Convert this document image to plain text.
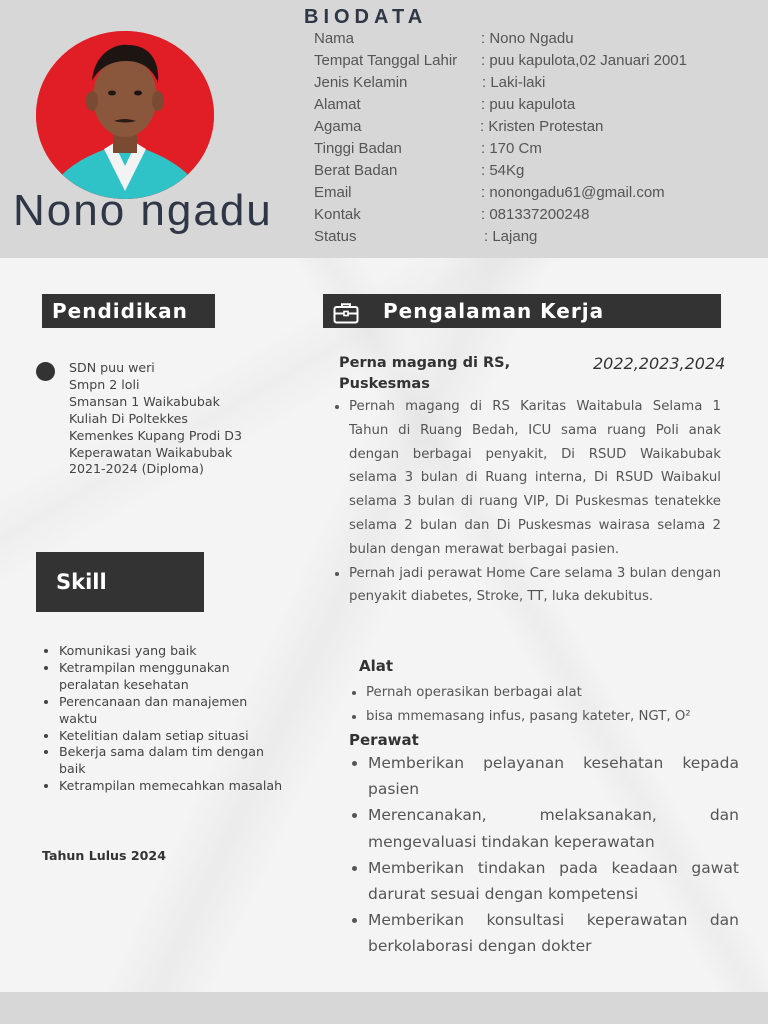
Nono ngadu
BIODATA
Nama	: Nono Ngadu
Tempat Tanggal Lahir : puu kapulota,02 Januari 2001
Jenis Kelamin	: Laki-laki
Alamat	: puu kapulota
Agama	: Kristen Protestan
Tinggi Badan	: 170 Cm
Berat Badan	: 54Kg
Email	: nonongadu61@gmail.com
Kontak	: 081337200248
Status	: Lajang
Pendidikan
SDN puu weri
Smpn 2 loli
Smansan 1 Waikabubak
Kuliah Di Poltekkes
Kemenkes Kupang Prodi D3
Keperawatan Waikabubak
2021-2024 (Diploma)
Skill
• Komunikasi yang baik
• Ketrampilan menggunakan peralatan kesehatan
• Perencanaan dan manajemen waktu
• Ketelitian dalam setiap situasi
• Bekerja sama dalam tim dengan baik
• Ketrampilan memecahkan masalah

Tahun Lulus 2024

Pengalaman Kerja

Perna magang di RS, Puskesmas

2022,2023,2024

• Pernah magang di RS Karitas Waitabula Selama 1 Tahun di Ruang Bedah, ICU sama ruang Poli anak dengan berbagai penyakit, Di RSUD Waikabubak selama 3 bulan di Ruang interna, Di RSUD Waibakul selama 3 bulan di ruang VIP, Di Puskesmas tenatekke selama 2 bulan dan Di Puskesmas wairasa selama 2 bulan dengan merawat berbagai pasien.
• Pernah jadi perawat Home Care selama 3 bulan dengan penyakit diabetes, Stroke, TT, luka dekubitus.

Alat

• Pernah operasikan berbagai alat
• bisa mmemasang infus, pasang kateter, NGT, O²

Perawat

• Memberikan pelayanan kesehatan kepada pasien
• Merencanakan, melaksanakan, dan mengevaluasi tindakan keperawatan
• Memberikan tindakan pada keadaan gawat darurat sesuai dengan kompetensi
• Memberikan konsultasi keperawatan dan berkolaborasi dengan dokter
